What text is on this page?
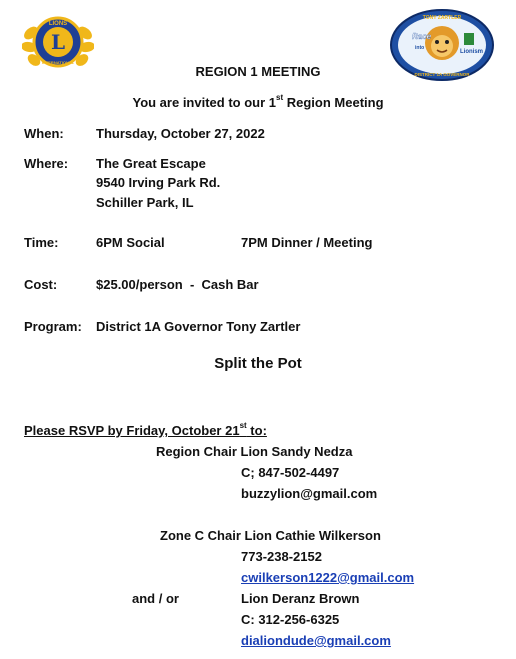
L
LIONS
INTERNATIONAL
Race
into
Lionism
TONY ZARTLER
DISTRICT 1A GOVERNOR
REGION 1 MEETING
You are invited to our 1st Region Meeting
When: Thursday, October 27, 2022
Where: The Great Escape
9540 Irving Park Rd.
Schiller Park, IL
Time:	6PM Social	7PM Dinner / Meeting
Cost:	$25.00/person  -  Cash Bar
Program: District 1A Governor Tony Zartler
Split the Pot
Please RSVP by Friday, October 21st to:
Region Chair Lion Sandy Nedza
C; 847-502-4497
buzzylion@gmail.com
Zone C Chair Lion Cathie Wilkerson
773-238-2152
cwilkerson1222@gmail.com
and / or	Lion Deranz Brown
C: 312-256-6325
dialiondude@gmail.com
